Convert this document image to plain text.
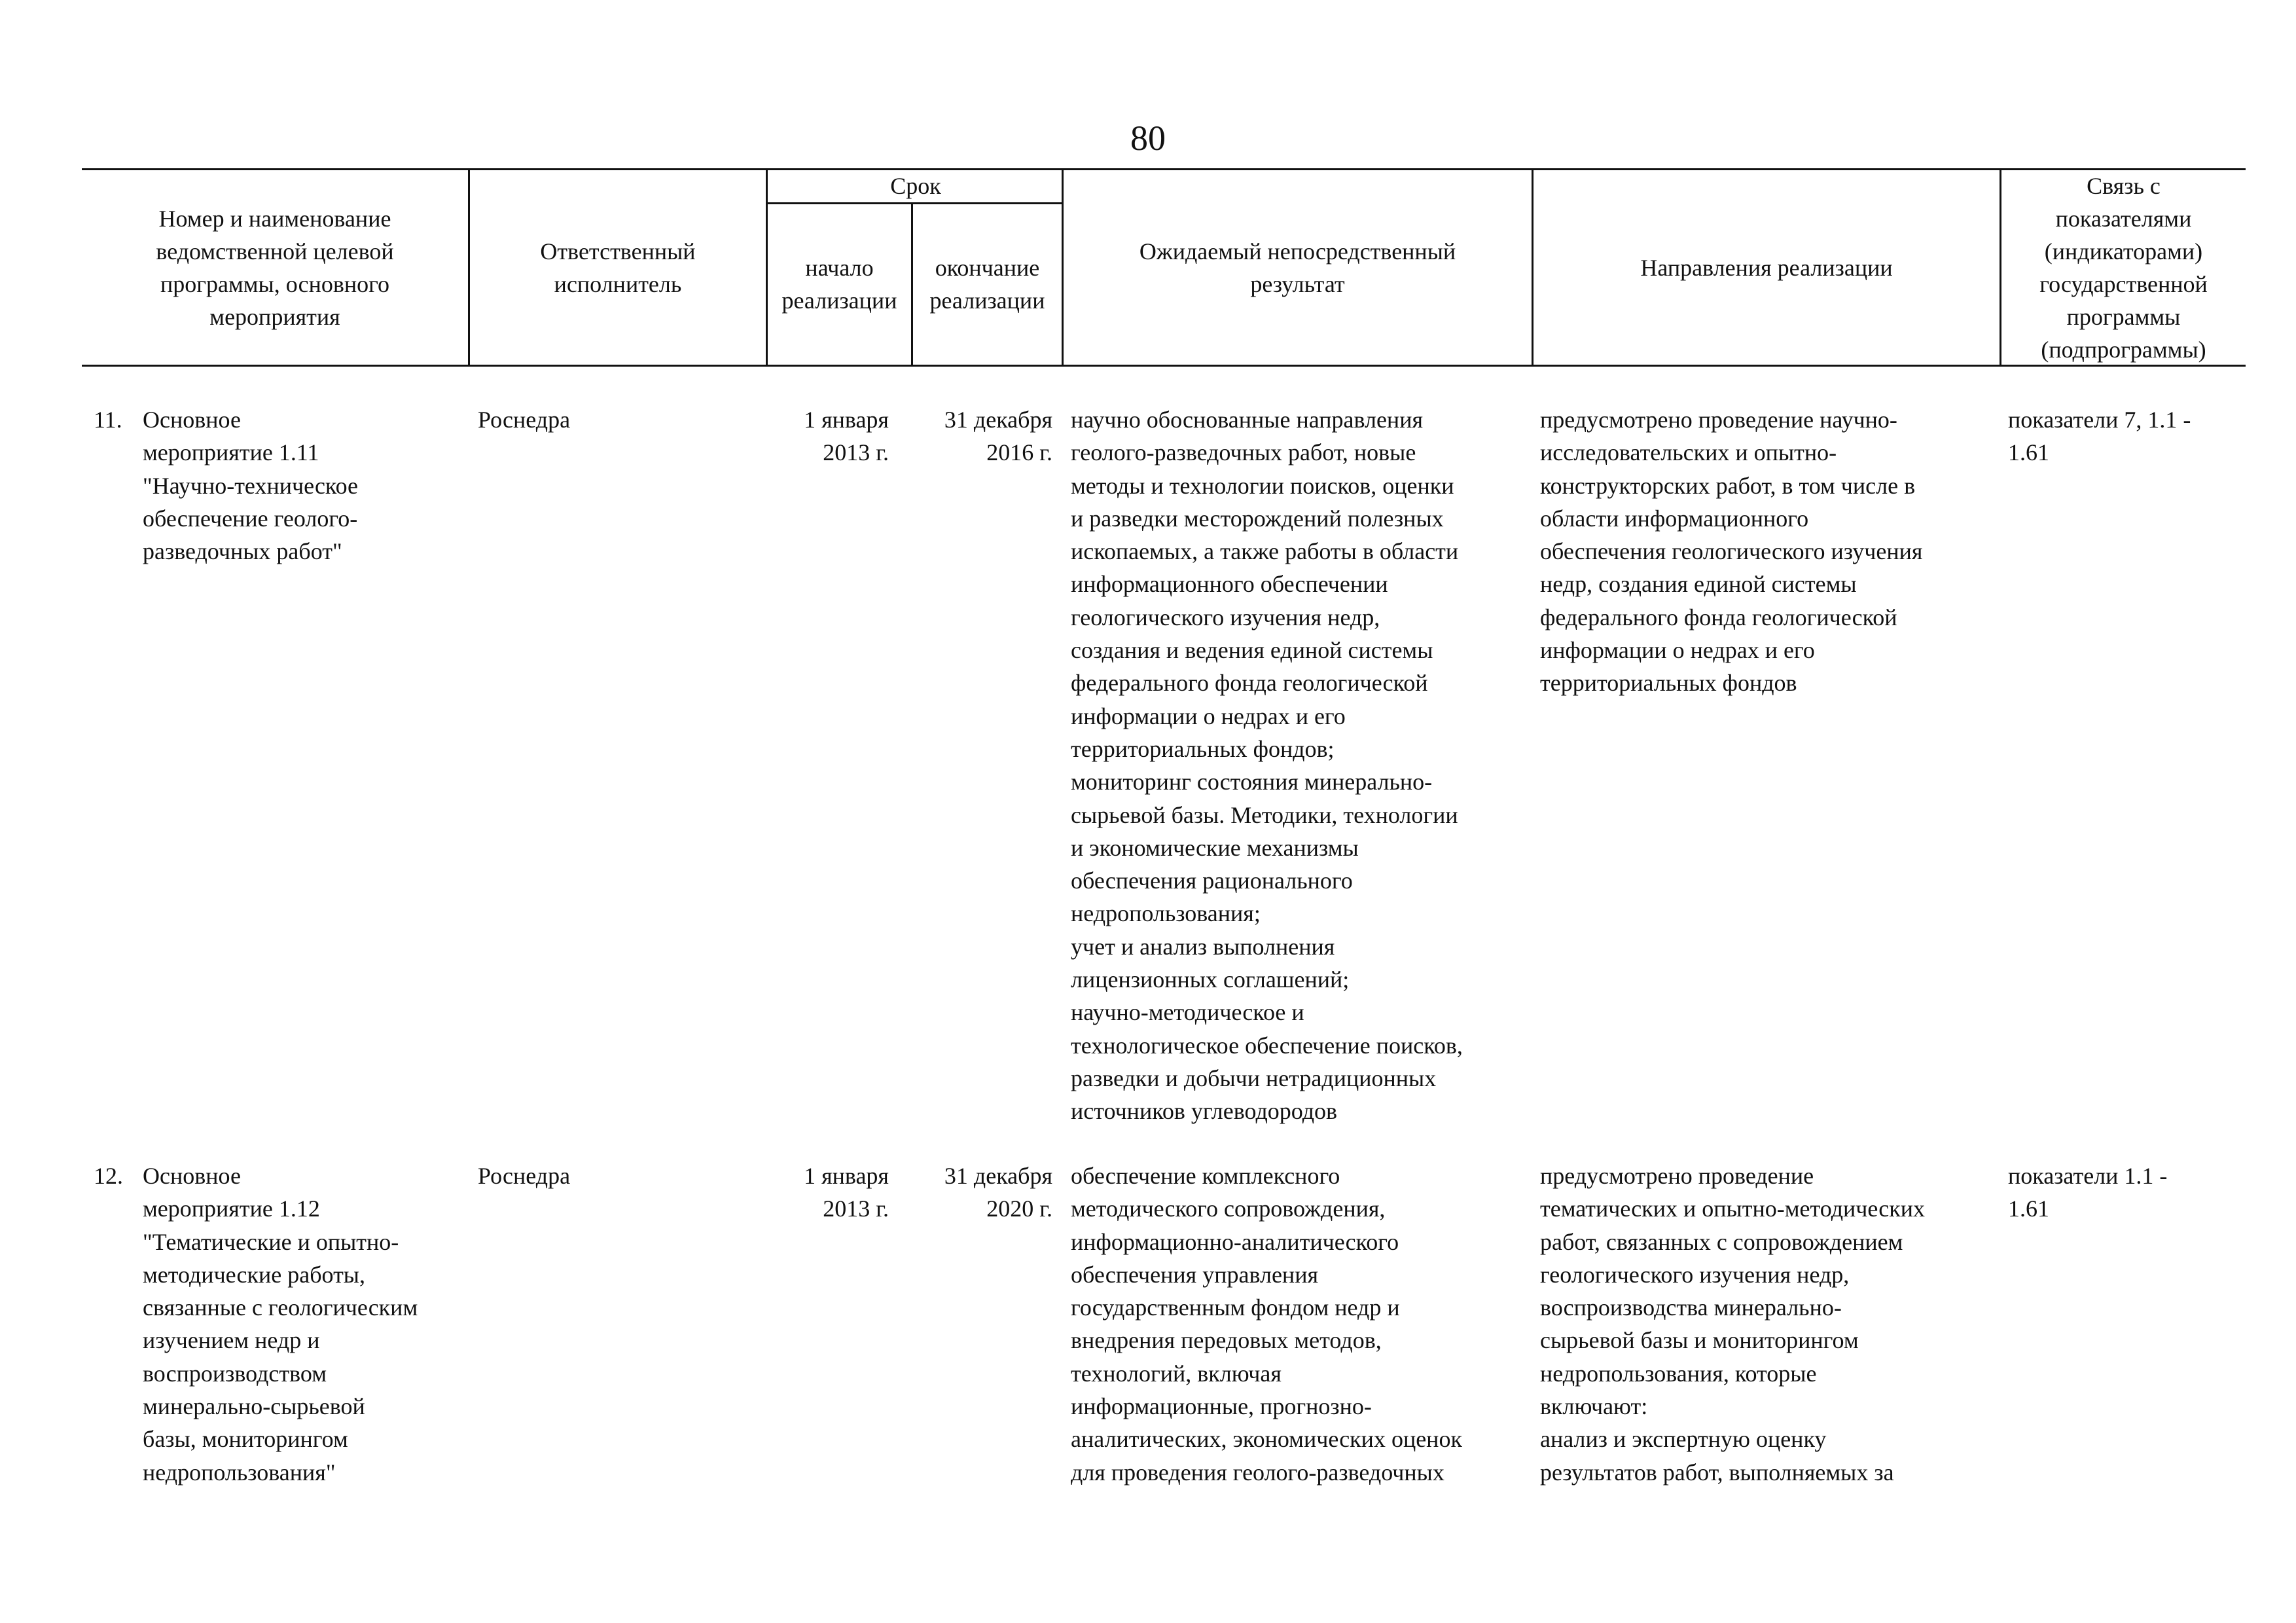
80
Номер и наименование
ведомственной целевой
программы, основного
мероприятия
Ответственный
исполнитель
Срок
начало
реализации
окончание
реализации
Ожидаемый непосредственный
результат
Направления реализации
Связь с
показателями
(индикаторами)
государственной
программы
(подпрограммы)
11. Основное
мероприятие 1.11
"Научно-техническое
обеспечение геолого-
разведочных работ"
Роснедра	1 января
2013 г.
31 декабря
2016 г.
научно обоснованные направления
геолого-разведочных работ, новые
методы и технологии поисков, оценки
и разведки месторождений полезных
ископаемых, а также работы в области
информационного обеспечении
геологического изучения недр,
создания и ведения единой системы
федерального фонда геологической
информации о недрах и его
территориальных фондов;
мониторинг состояния минерально-
сырьевой базы. Методики, технологии
и экономические механизмы
обеспечения рационального
недропользования;
учет и анализ выполнения
лицензионных соглашений;
научно-методическое и
технологическое обеспечение поисков,
разведки и добычи нетрадиционных
источников углеводородов
предусмотрено проведение научно-
исследовательских и опытно-
конструкторских работ, в том числе в
области информационного
обеспечения геологического изучения
недр, создания единой системы
федерального фонда геологической
информации о недрах и его
территориальных фондов
показатели 7, 1.1 -
1.61
12. Основное
мероприятие 1.12
"Тематические и опытно-
методические работы,
связанные с геологическим
изучением недр и
воспроизводством
минерально-сырьевой
базы, мониторингом
недропользования"
Роснедра	1 января
2013 г.
31 декабря
2020 г.
обеспечение комплексного
методического сопровождения,
информационно-аналитического
обеспечения управления
государственным фондом недр и
внедрения передовых методов,
технологий, включая
информационные, прогнозно-
аналитических, экономических оценок
для проведения геолого-разведочных
предусмотрено проведение
тематических и опытно-методических
работ, связанных с сопровождением
геологического изучения недр,
воспроизводства минерально-
сырьевой базы и мониторингом
недропользования, которые
включают:
анализ и экспертную оценку
результатов работ, выполняемых за
показатели 1.1 -
1.61
